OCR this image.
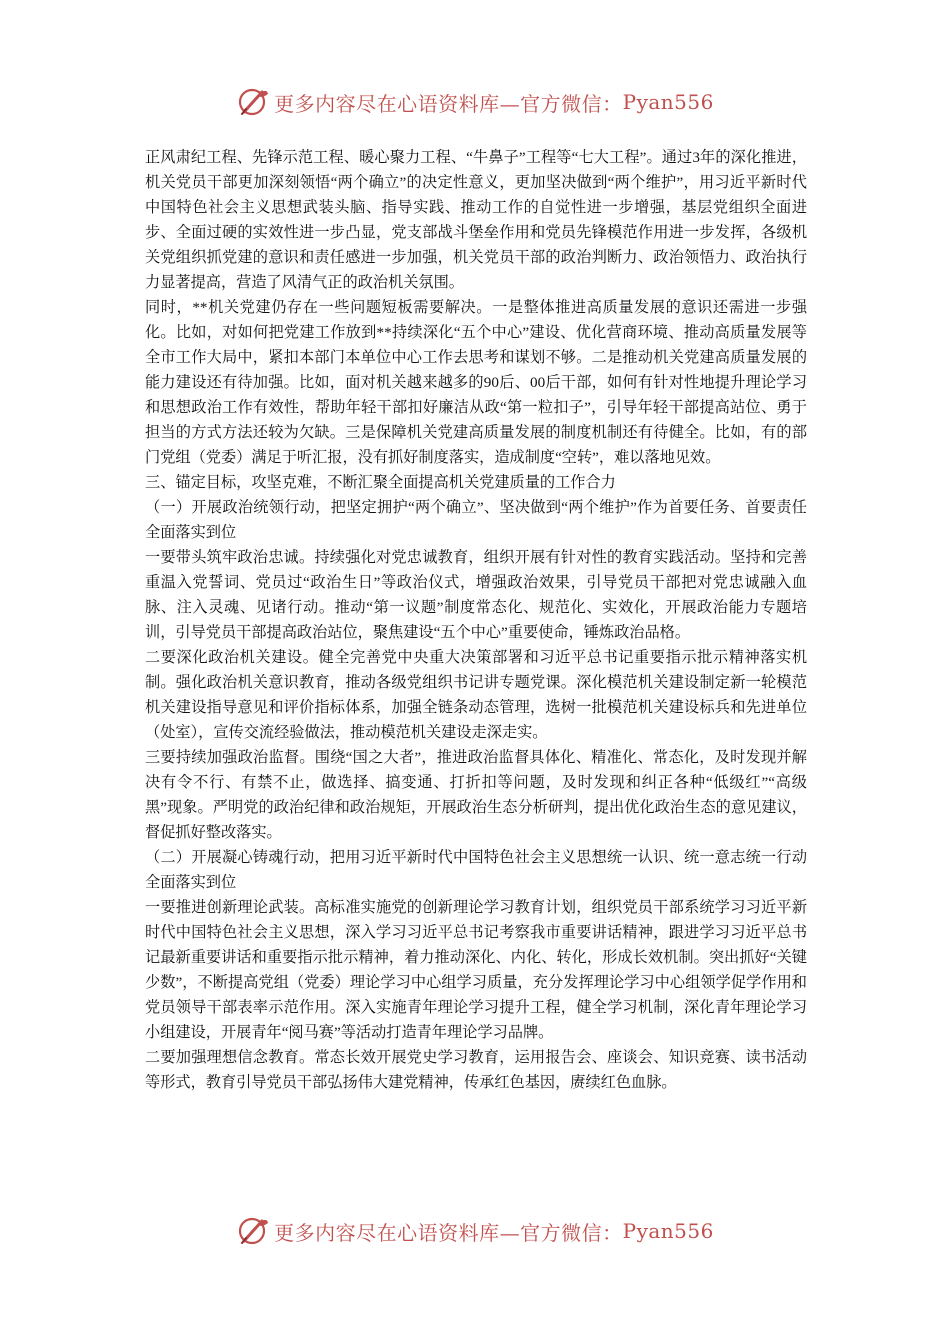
更多内容尽在心语资料库—官方微信： Pyan556

正风肃纪工程、先锋示范工程、暖心聚力工程、“牛鼻子”工程等“七大工程”。通过3年的深化推进，机关党员干部更加深刻领悟“两个确立”的决定性意义，更加坚决做到“两个维护”，用习近平新时代中国特色社会主义思想武装头脑、指导实践、推动工作的自觉性进一步增强，基层党组织全面进步、全面过硬的实效性进一步凸显，党支部战斗堡垒作用和党员先锋模范作用进一步发挥，各级机关党组织抓党建的意识和责任感进一步加强，机关党员干部的政治判断力、政治领悟力、政治执行力显著提高，营造了风清气正的政治机关氛围。

同时，**机关党建仍存在一些问题短板需要解决。一是整体推进高质量发展的意识还需进一步强化。比如，对如何把党建工作放到**持续深化“五个中心”建设、优化营商环境、推动高质量发展等全市工作大局中，紧扣本部门本单位中心工作去思考和谋划不够。二是推动机关党建高质量发展的能力建设还有待加强。比如，面对机关越来越多的90后、00后干部，如何有针对性地提升理论学习和思想政治工作有效性，帮助年轻干部扣好廉洁从政“第一粒扣子”，引导年轻干部提高站位、勇于担当的方式方法还较为欠缺。三是保障机关党建高质量发展的制度机制还有待健全。比如，有的部门党组（党委）满足于听汇报，没有抓好制度落实，造成制度“空转”，难以落地见效。

三、锚定目标，攻坚克难，不断汇聚全面提高机关党建质量的工作合力

（一）开展政治统领行动，把坚定拥护“两个确立”、坚决做到“两个维护”作为首要任务、首要责任全面落实到位

一要带头筑牢政治忠诚。持续强化对党忠诚教育，组织开展有针对性的教育实践活动。坚持和完善重温入党誓词、党员过“政治生日”等政治仪式，增强政治效果，引导党员干部把对党忠诚融入血脉、注入灵魂、见诸行动。推动“第一议题”制度常态化、规范化、实效化，开展政治能力专题培训，引导党员干部提高政治站位，聚焦建设“五个中心”重要使命，锤炼政治品格。

二要深化政治机关建设。健全完善党中央重大决策部署和习近平总书记重要指示批示精神落实机制。强化政治机关意识教育，推动各级党组织书记讲专题党课。深化模范机关建设制定新一轮模范机关建设指导意见和评价指标体系，加强全链条动态管理，选树一批模范机关建设标兵和先进单位（处室），宣传交流经验做法，推动模范机关建设走深走实。

三要持续加强政治监督。围绕“国之大者”，推进政治监督具体化、精准化、常态化，及时发现并解决有令不行、有禁不止，做选择、搞变通、打折扣等问题，及时发现和纠正各种“低级红”“高级黑”现象。严明党的政治纪律和政治规矩，开展政治生态分析研判，提出优化政治生态的意见建议，督促抓好整改落实。

（二）开展凝心铸魂行动，把用习近平新时代中国特色社会主义思想统一认识、统一意志统一行动全面落实到位

一要推进创新理论武装。高标准实施党的创新理论学习教育计划，组织党员干部系统学习习近平新时代中国特色社会主义思想，深入学习习近平总书记考察我市重要讲话精神，跟进学习习近平总书记最新重要讲话和重要指示批示精神，着力推动深化、内化、转化，形成长效机制。突出抓好“关键少数”，不断提高党组（党委）理论学习中心组学习质量，充分发挥理论学习中心组领学促学作用和党员领导干部表率示范作用。深入实施青年理论学习提升工程，健全学习机制，深化青年理论学习小组建设，开展青年“阅马赛”等活动打造青年理论学习品牌。

二要加强理想信念教育。常态长效开展党史学习教育，运用报告会、座谈会、知识竞赛、读书活动等形式，教育引导党员干部弘扬伟大建党精神，传承红色基因，赓续红色血脉。

更多内容尽在心语资料库—官方微信： Pyan556
